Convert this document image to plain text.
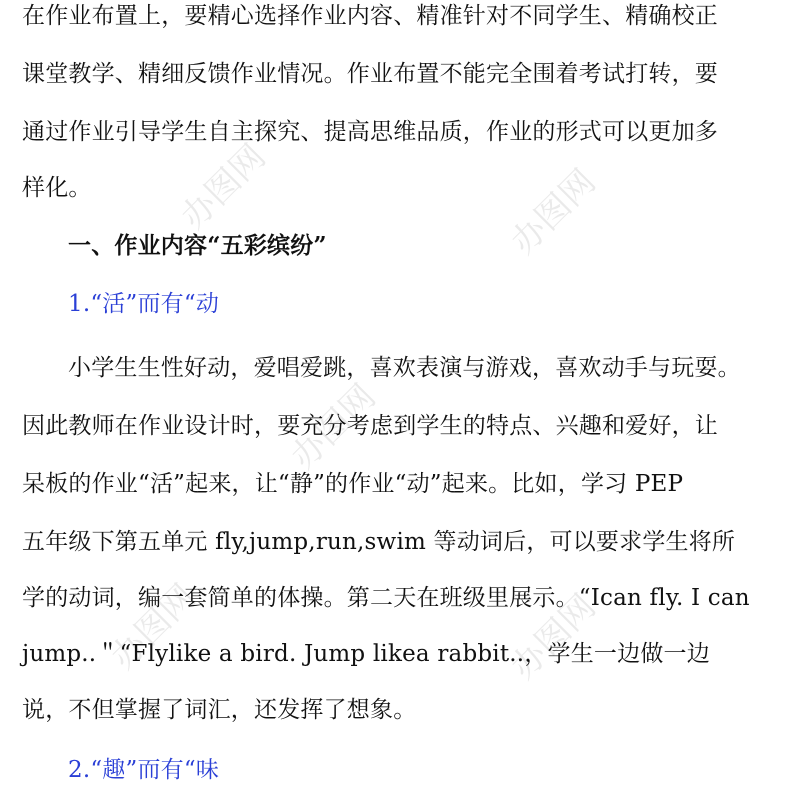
办图网	办图网
办图网
办图网
办图网
在作业布置上，要精心选择作业内容、精准针对不同学生、精确校正
课堂教学、精细反馈作业情况。作业布置不能完全围着考试打转，要
通过作业引导学生自主探究、提高思维品质，作业的形式可以更加多
样化。
一、作业内容“五彩缤纷”
1.“活”而有“动
小学生生性好动，爱唱爱跳，喜欢表演与游戏，喜欢动手与玩耍。
因此教师在作业设计时，要充分考虑到学生的特点、兴趣和爱好，让
呆板的作业“活”起来，让“静”的作业“动”起来。比如，学习 PEP
五年级下第五单元 fly,jump,run,swim 等动词后，可以要求学生将所
学的动词，编一套简单的体操。第二天在班级里展示。“Ican fly. I can
jump..＂“Flylike a bird. Jump likea rabbit..，学生一边做一边
说，不但掌握了词汇，还发挥了想象。
2.“趣”而有“味
